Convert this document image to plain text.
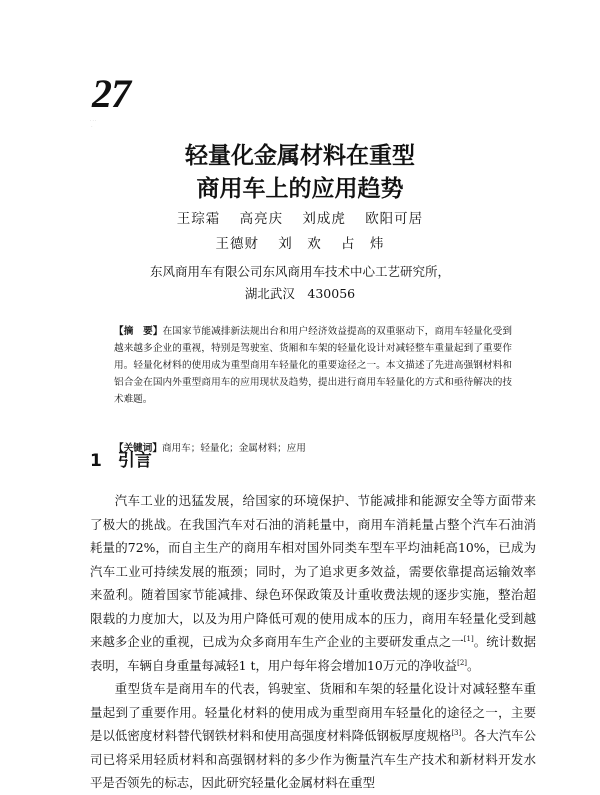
27
· · ·
·
轻量化金属材料在重型
商用车上的应用趋势
王琮霜 高亮庆 刘成虎 欧阳可居
王德财 刘　欢 占　炜
东风商用车有限公司东风商用车技术中心工艺研究所，
湖北武汉　430056
【摘　要】在国家节能减排新法规出台和用户经济效益提高的双重驱动下，商用车轻量化受到越来越多企业的重视，特别是驾驶室、货厢和车架的轻量化设计对减轻整车重量起到了重要作用。轻量化材料的使用成为重型商用车轻量化的重要途径之一。本文描述了先进高强钢材料和铝合金在国内外重型商用车的应用现状及趋势，提出进行商用车轻量化的方式和亟待解决的技术难题。
【关键词】商用车；轻量化；金属材料；应用
1 引言

汽车工业的迅猛发展，给国家的环境保护、节能减排和能源安全等方面带来了极大的挑战。在我国汽车对石油的消耗量中，商用车消耗量占整个汽车石油消耗量的72%，而自主生产的商用车相对国外同类车型车平均油耗高10%，已成为汽车工业可持续发展的瓶颈；同时，为了追求更多效益，需要依靠提高运输效率来盈利。随着国家节能减排、绿色环保政策及计重收费法规的逐步实施，整治超限载的力度加大，以及为用户降低可观的使用成本的压力，商用车轻量化受到越来越多企业的重视，已成为众多商用车生产企业的主要研发重点之一[1]。统计数据表明，车辆自身重量每减轻1 t，用户每年将会增加10万元的净收益[2]。

重型货车是商用车的代表，钨驶室、货厢和车架的轻量化设计对减轻整车重量起到了重要作用。轻量化材料的使用成为重型商用车轻量化的途径之一，主要是以低密度材料替代钢铁材料和使用高强度材料降低钢板厚度规格[3]。各大汽车公司已将采用轻质材料和高强钢材料的多少作为衡量汽车生产技术和新材料开发水平是否领先的标志，因此研究轻量化金属材料在重型
